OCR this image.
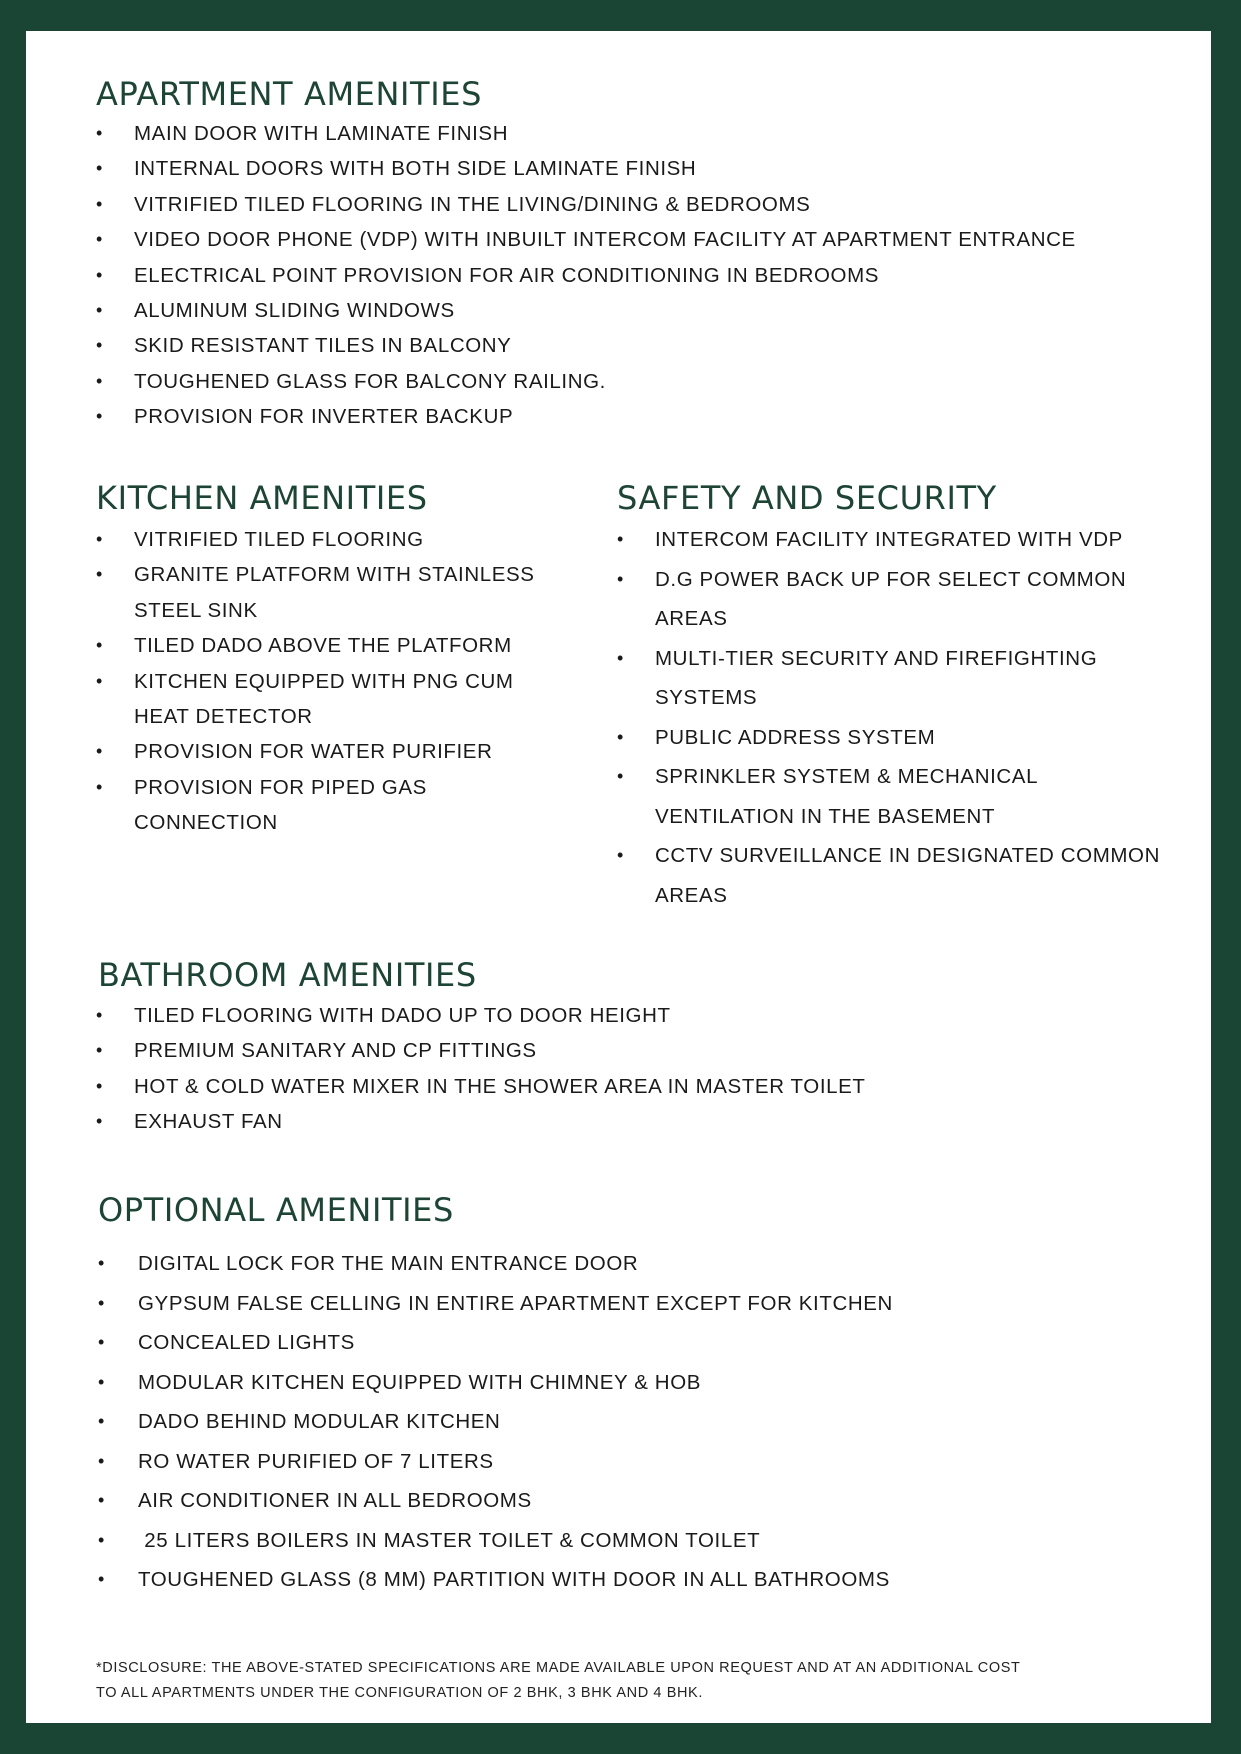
APARTMENT AMENITIES
• MAIN DOOR WITH LAMINATE FINISH
• INTERNAL DOORS WITH BOTH SIDE LAMINATE FINISH
• VITRIFIED TILED FLOORING IN THE LIVING/DINING & BEDROOMS
• VIDEO DOOR PHONE (VDP) WITH INBUILT INTERCOM FACILITY AT APARTMENT ENTRANCE
• ELECTRICAL POINT PROVISION FOR AIR CONDITIONING IN BEDROOMS
• ALUMINUM SLIDING WINDOWS
• SKID RESISTANT TILES IN BALCONY
• TOUGHENED GLASS FOR BALCONY RAILING.
• PROVISION FOR INVERTER BACKUP
KITCHEN AMENITIES
• VITRIFIED TILED FLOORING
• GRANITE PLATFORM WITH STAINLESS STEEL SINK
• TILED DADO ABOVE THE PLATFORM
• KITCHEN EQUIPPED WITH PNG CUM HEAT DETECTOR
• PROVISION FOR WATER PURIFIER
• PROVISION FOR PIPED GAS CONNECTION
SAFETY AND SECURITY
• INTERCOM FACILITY INTEGRATED WITH VDP
• D.G POWER BACK UP FOR SELECT COMMON AREAS
• MULTI-TIER SECURITY AND FIREFIGHTING SYSTEMS
• PUBLIC ADDRESS SYSTEM
• SPRINKLER SYSTEM & MECHANICAL VENTILATION IN THE BASEMENT
• CCTV SURVEILLANCE IN DESIGNATED COMMON AREAS
BATHROOM AMENITIES
• TILED FLOORING WITH DADO UP TO DOOR HEIGHT
• PREMIUM SANITARY AND CP FITTINGS
• HOT & COLD WATER MIXER IN THE SHOWER AREA IN MASTER TOILET
• EXHAUST FAN
OPTIONAL AMENITIES
• DIGITAL LOCK FOR THE MAIN ENTRANCE DOOR
• GYPSUM FALSE CELLING IN ENTIRE APARTMENT EXCEPT FOR KITCHEN
• CONCEALED LIGHTS
• MODULAR KITCHEN EQUIPPED WITH CHIMNEY & HOB
• DADO BEHIND MODULAR KITCHEN
• RO WATER PURIFIED OF 7 LITERS
• AIR CONDITIONER IN ALL BEDROOMS
•  25 LITERS BOILERS IN MASTER TOILET & COMMON TOILET
• TOUGHENED GLASS (8 MM) PARTITION WITH DOOR IN ALL BATHROOMS
*DISCLOSURE: THE ABOVE-STATED SPECIFICATIONS ARE MADE AVAILABLE UPON REQUEST AND AT AN ADDITIONAL COST
TO ALL APARTMENTS UNDER THE CONFIGURATION OF 2 BHK, 3 BHK AND 4 BHK.
